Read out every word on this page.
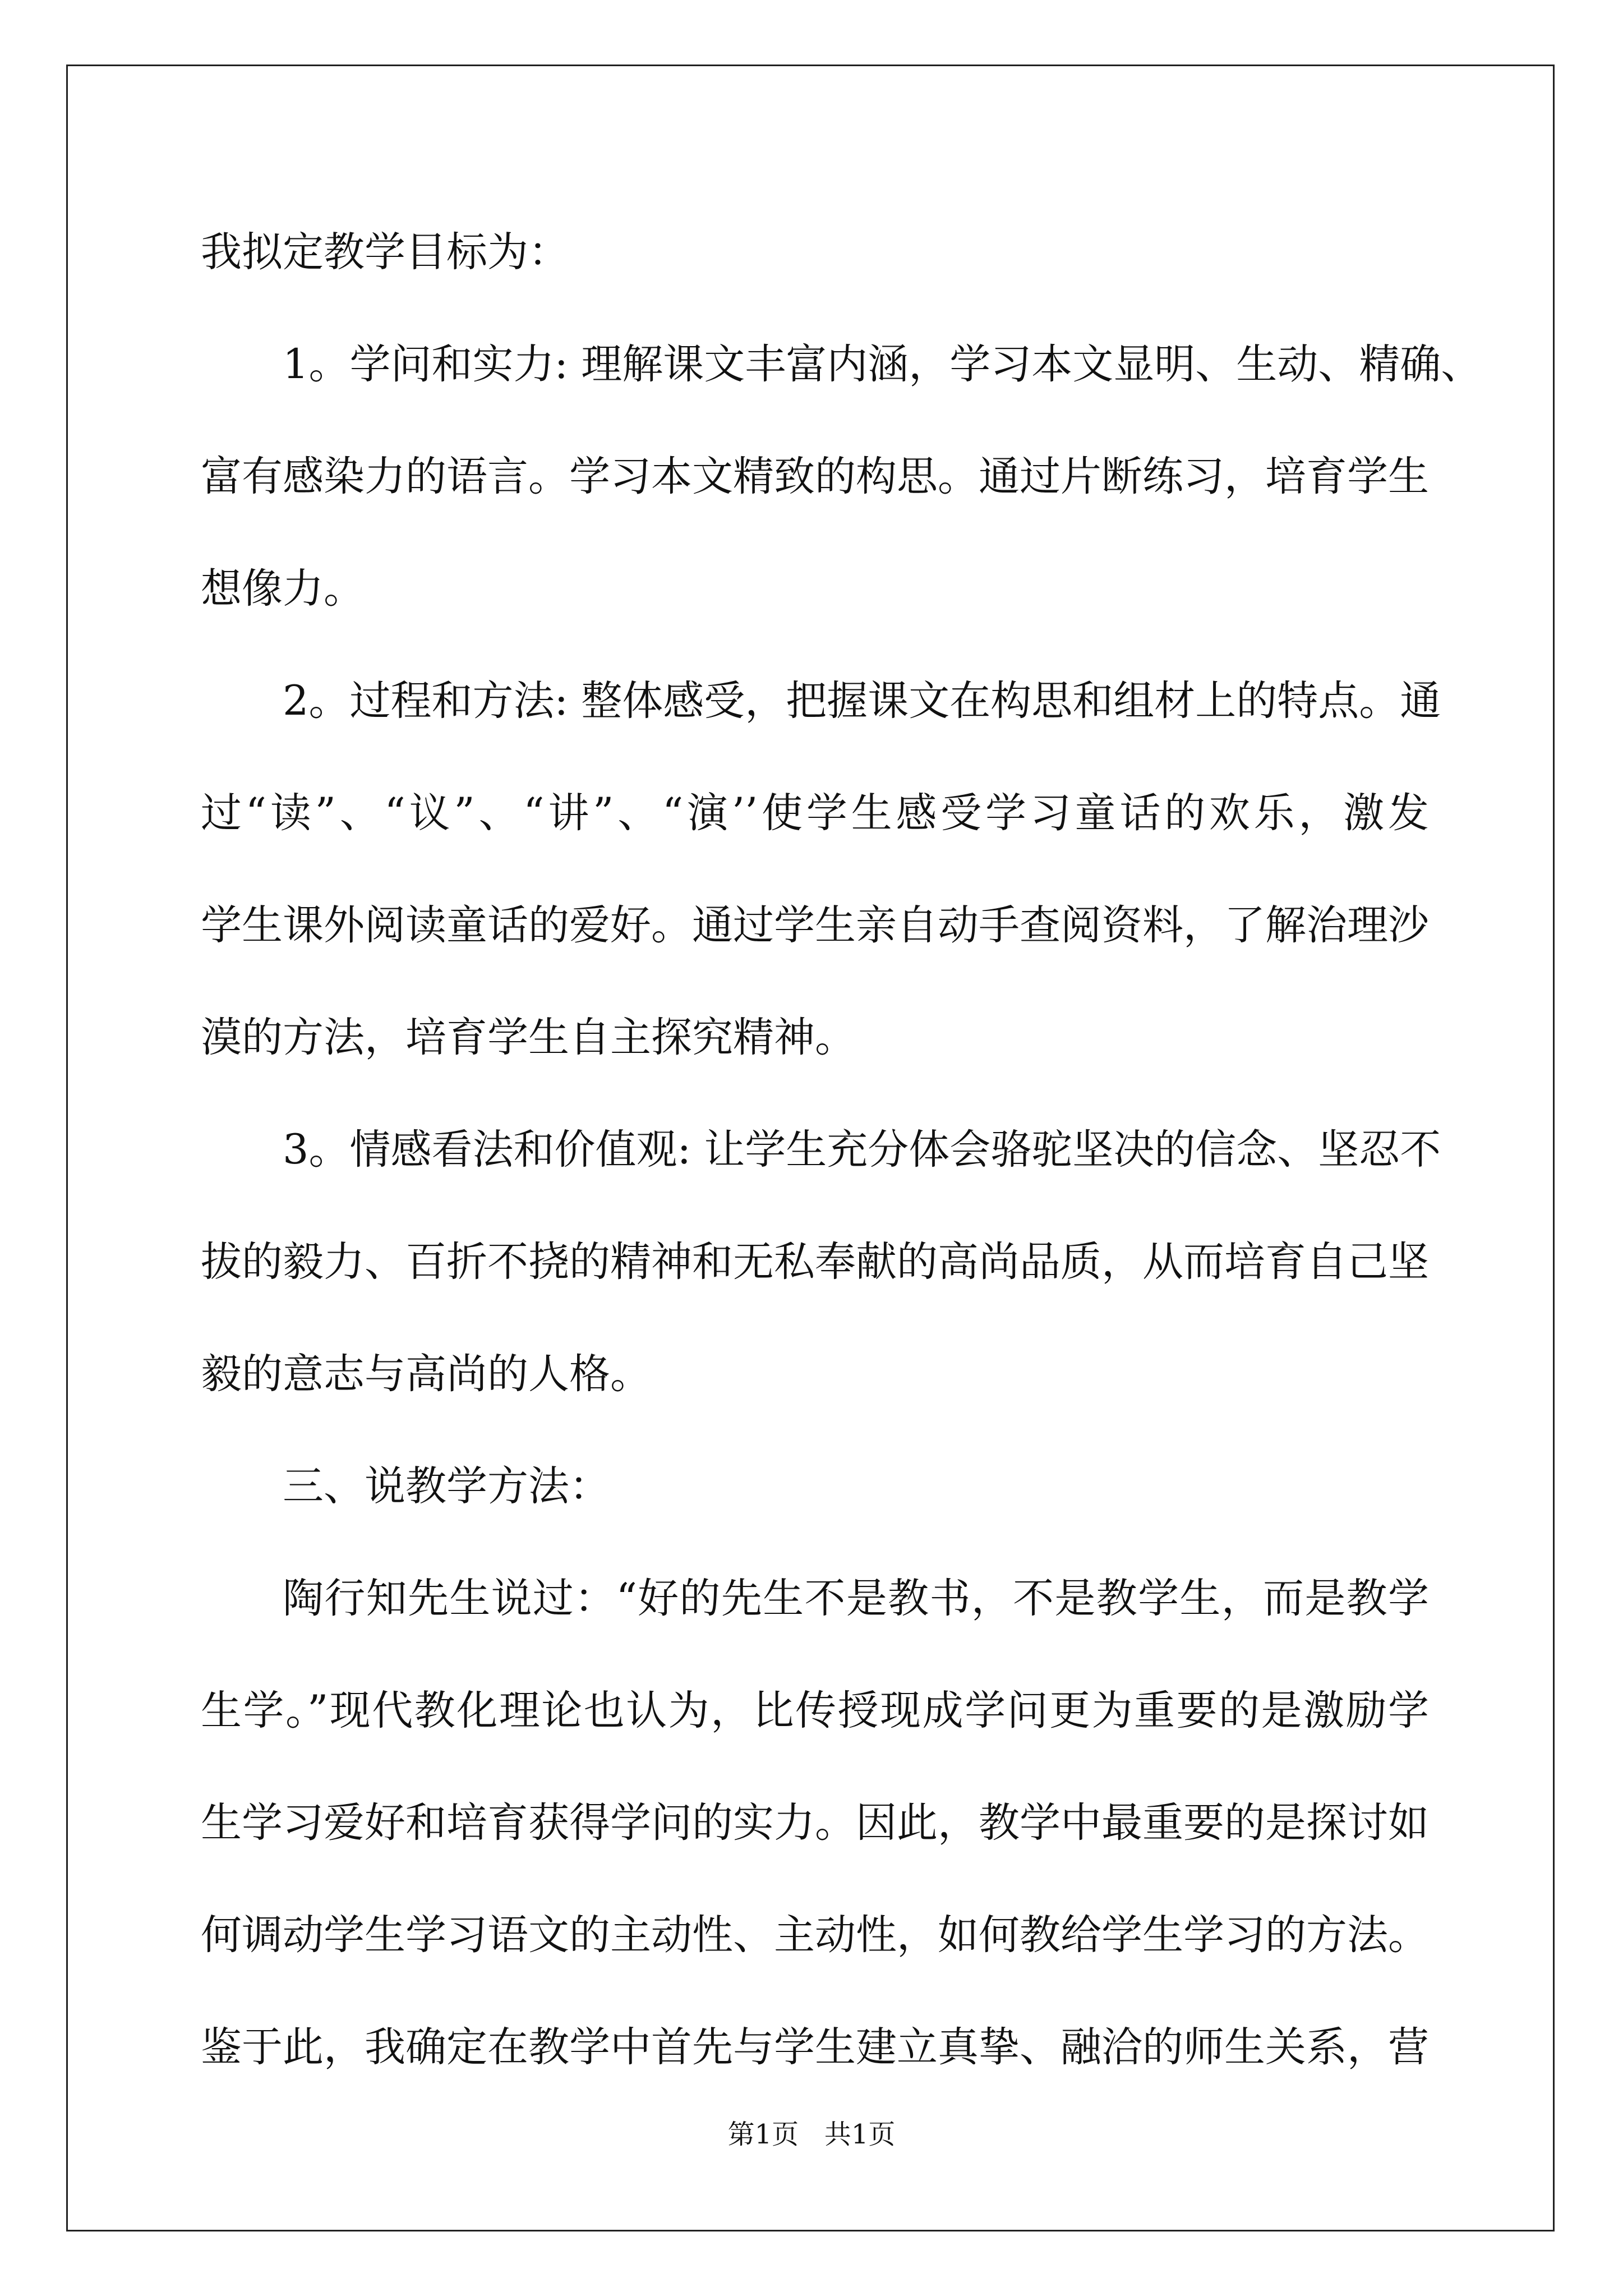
我拟定教学目标为：
1。学问和实力: 理解课文丰富内涵，学习本文显明、生动、精确、
富有感染力的语言。学习本文精致的构思。通过片断练习，培育学生
想像力。
2。过程和方法: 整体感受，把握课文在构思和组材上的特点。通
过“读”、“议”、“讲”、“演’’使学生感受学习童话的欢乐，激发
学生课外阅读童话的爱好。通过学生亲自动手查阅资料，了解治理沙
漠的方法，培育学生自主探究精神。
3。情感看法和价值观: 让学生充分体会骆驼坚决的信念、坚忍不
拔的毅力、百折不挠的精神和无私奉献的高尚品质，从而培育自己坚
毅的意志与高尚的人格。
三、说教学方法：
陶行知先生说过：“好的先生不是教书，不是教学生，而是教学
生学。”现代教化理论也认为，比传授现成学问更为重要的是激励学
生学习爱好和培育获得学问的实力。因此，教学中最重要的是探讨如
何调动学生学习语文的主动性、主动性，如何教给学生学习的方法。
鉴于此，我确定在教学中首先与学生建立真挚、融洽的师生关系，营
第1页   共1页
